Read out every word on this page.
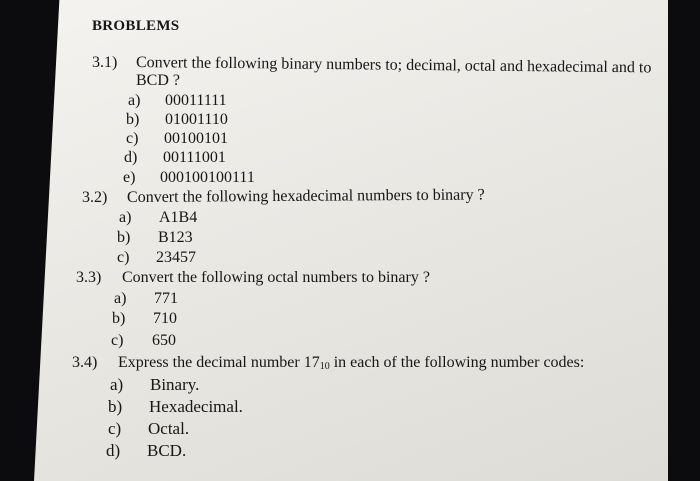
BROBLEMS
3.1) Convert the following binary numbers to; decimal, octal and hexadecimal and to
BCD ?
a) 00011111
b) 01001110
c) 00100101
d) 00111001
e) 000100100111
3.2) Convert the following hexadecimal numbers to binary ?
a) A1B4
b) B123
c) 23457
3.3) Convert the following octal numbers to binary ?
a) 771
b) 710
c) 650
3.4) Express the decimal number $17_{10}$ in each of the following number codes:
a) Binary.
b) Hexadecimal.
c) Octal.
d) BCD.
